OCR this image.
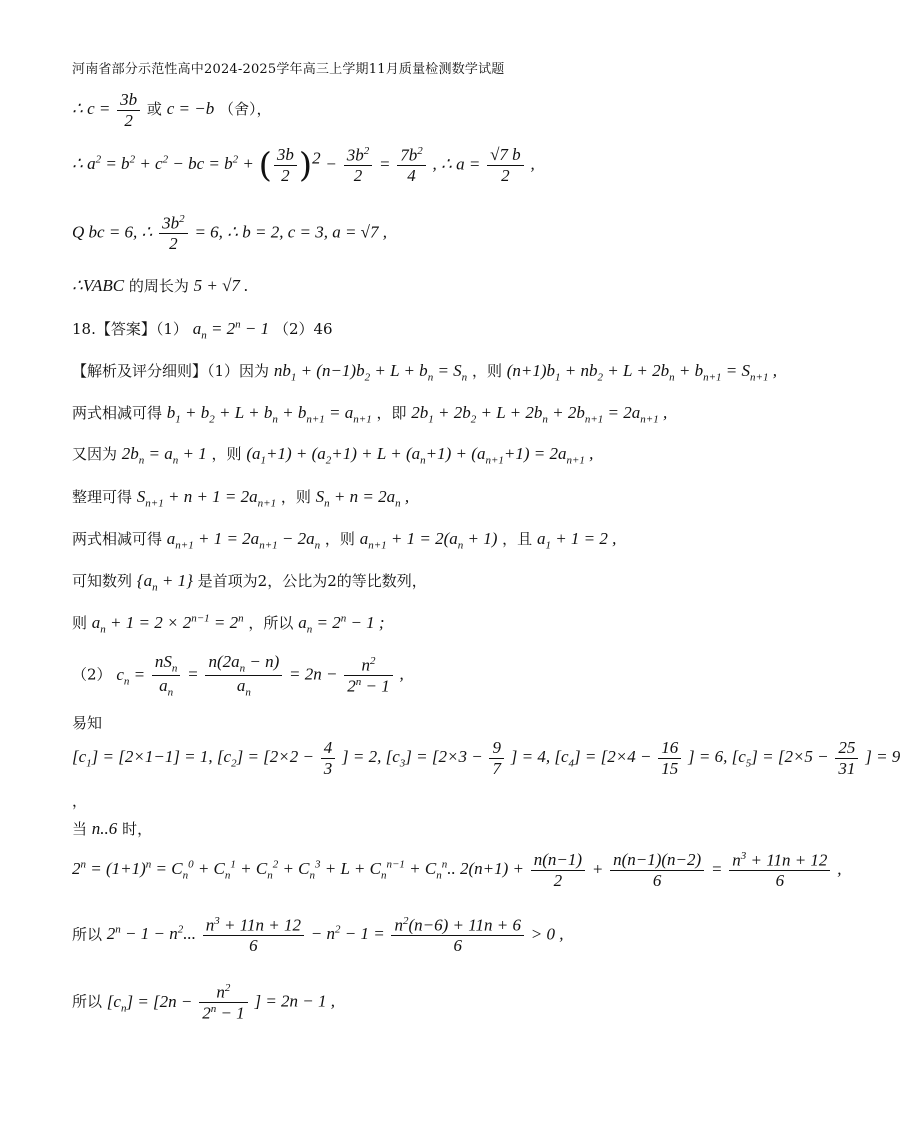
河南省部分示范性高中2024-2025学年高三上学期11月质量检测数学试题
∴ $c = \frac{3b}{2}$ 或 c = −b （舍），
∴ $a^2 = b^2 + c^2$ − bc = $b^2$ + ( $\frac{3b}{2} )^2 - \frac{3b^2}{2} = \frac{7b^2}{4}$ , ∴ $a = \frac{√7 b}{2}$ ,
Q bc = 6, ∴ $\frac{3b^2}{2} = 6$, ∴ b = 2, c = 3, a = √7 ,
∴VABC 的周长为 5 + √7 .
18.【答案】（1） $a_n = 2^n - 1$ （2）46
【解析及评分细则】（1）因为 $nb_1 + (n-1)b_2 + L + b_n = S_n$ ，则 $(n+1)b_1 + nb_2 + L + 2b_n + b_{n+1} = S_{n+1}$ ,
两式相减可得 $b_1 + b_2 + L + b_n + b_{n+1} = a_{n+1}$ ，即 $2b_1 + 2b_2 + L + 2b_n + 2b_{n+1} = 2a_{n+1}$ ,
又因为 $2b_n = a_n + 1$ ，则 $(a_1+1) + (a_2+1) + L + (a_n+1) + (a_{n+1}+1) = 2a_{n+1}$ ,
整理可得 $S_{n+1} + n + 1 = 2a_{n+1}$ ，则 $S_n + n = 2a_n$ ,
两式相减可得 $a_{n+1} + 1 = 2a_{n+1} - 2a_n$ ，则 $a_{n+1} + 1 = 2(a_n + 1)$ ，且 $a_1 + 1 = 2$ ,
可知数列 $\{a_n + 1\}$ 是首项为2，公比为2的等比数列，
则 $a_n + 1 = 2 \times 2^{n-1} = 2^n$ ，所以 $a_n = 2^n - 1$ ;
（2） $c_n = \frac{nS_n}{a_n} = \frac{n(2a_n - n)}{a_n} = 2n - \frac{n^2}{2^n - 1}$ ,
易知
$[c_1] = [2\times 1-1] = 1$, $[c_2] = [2\times 2 - \frac{4}{3}$ ] = 2, $[c_3] = [2\times 3 - \frac{9}{7}$ ] = 4, $[c_4] = [2\times 4 - \frac{16}{15}$ ] = 6, $[c_5] = [2\times 5 - \frac{25}{31}$ ] = 9
，
当 n..6 时，
$2^n = (1+1)^n = C_n^0 + C_n^1 + C_n^2 + C_n^3 + L + C_n^{n-1} + C_n^n$.. $2(n+1) + \frac{n(n-1)}{2} + \frac{n(n-1)(n-2)}{6} = \frac{n^3 + 11n + 12}{6}$ ,
所以 $2^n - 1 - n^2$... $\frac{n^3 + 11n + 12}{6} - n^2 - 1 = \frac{n^2(n-6) + 11n + 6}{6} > 0$ ,
所以 $[c_n] = [2n - \frac{n^2}{2^n - 1}$ ] = 2n − 1 ,
